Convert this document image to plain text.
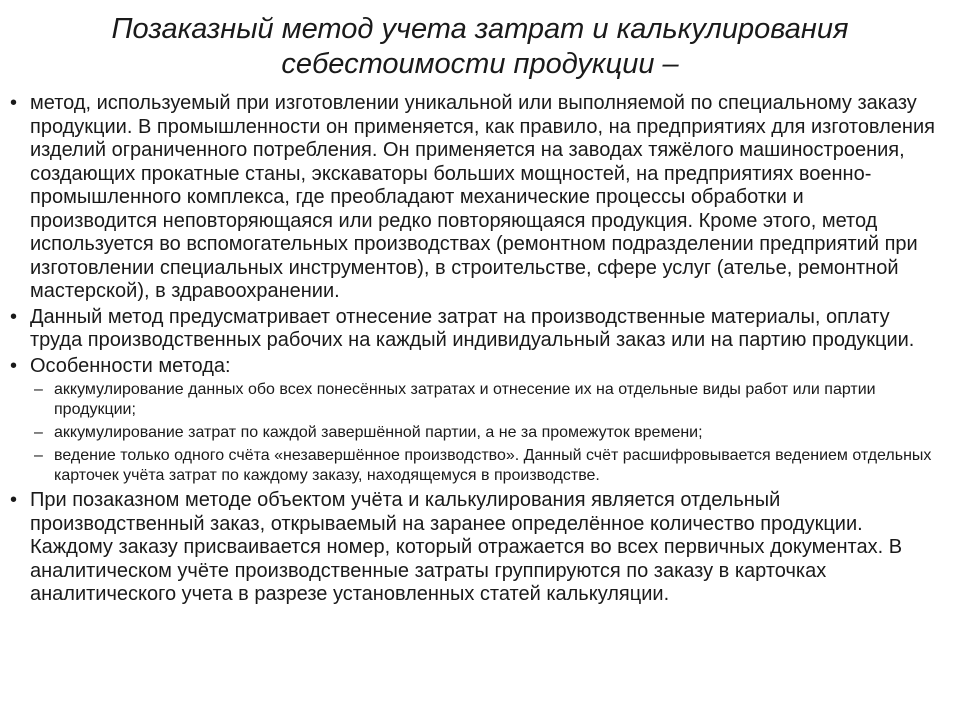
Позаказный метод учета затрат и калькулирования
себестоимости продукции –
• метод, используемый при изготовлении уникальной или выполняемой по специальному заказу продукции. В промышленности он применяется, как правило, на предприятиях для изготовления изделий ограниченного потребления. Он применяется на заводах тяжёлого машиностроения, создающих прокатные станы, экскаваторы больших мощностей, на предприятиях военно-промышленного комплекса, где преобладают механические процессы обработки и производится неповторяющаяся или редко повторяющаяся продукция. Кроме этого, метод используется во вспомогательных производствах (ремонтном подразделении предприятий при изготовлении специальных инструментов), в строительстве, сфере услуг (ателье, ремонтной мастерской), в здравоохранении.
• Данный метод предусматривает отнесение затрат на производственные материалы, оплату труда производственных рабочих на каждый индивидуальный заказ или на партию продукции.
• Особенности метода:
– аккумулирование данных обо всех понесённых затратах и отнесение их на отдельные виды работ или партии продукции;
– аккумулирование затрат по каждой завершённой партии, а не за промежуток времени;
– ведение только одного счёта «незавершённое производство». Данный счёт расшифровывается ведением отдельных карточек учёта затрат по каждому заказу, находящемуся в производстве.
• При позаказном методе объектом учёта и калькулирования является отдельный производственный заказ, открываемый на заранее определённое количество продукции. Каждому заказу присваивается номер, который отражается во всех первичных документах. В аналитическом учёте производственные затраты группируются по заказу в карточках аналитического учета в разрезе установленных статей калькуляции.
